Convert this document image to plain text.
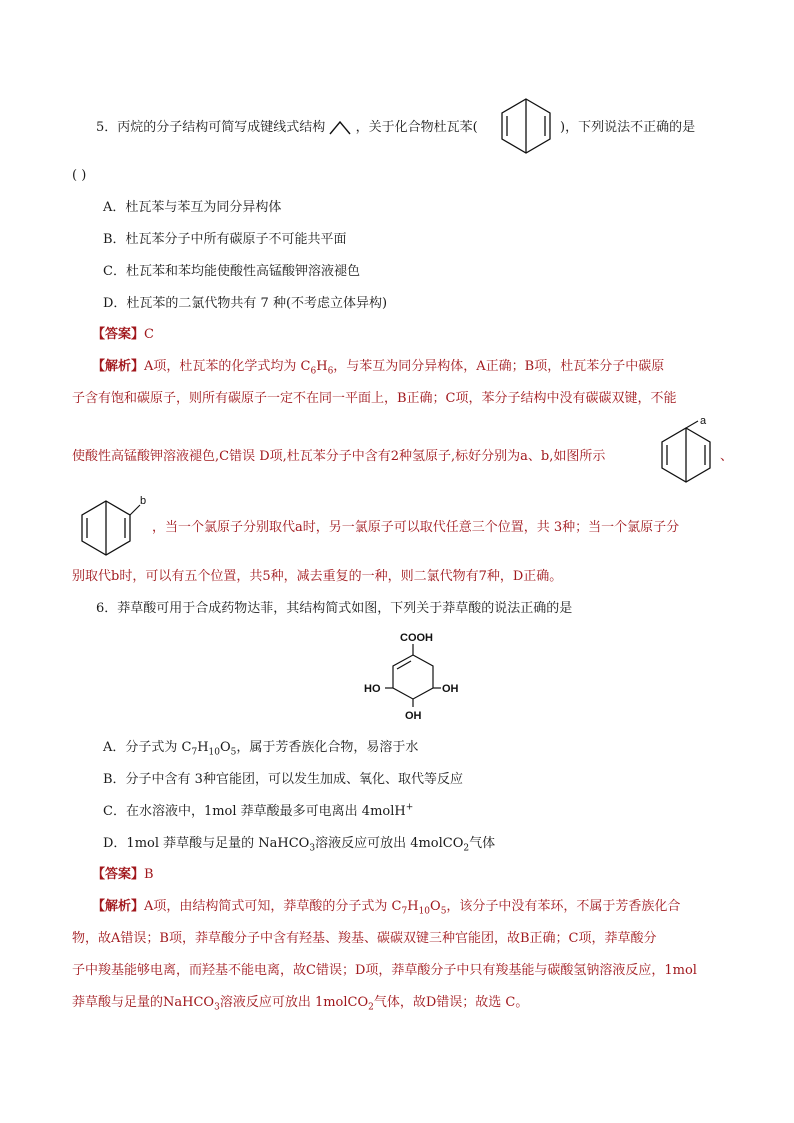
5．丙烷的分子结构可简写成键线式结构 ，关于化合物杜瓦苯(	)，下列说法不正确的是
( )
A．杜瓦苯与苯互为同分异构体
B．杜瓦苯分子中所有碳原子不可能共平面
C．杜瓦苯和苯均能使酸性高锰酸钾溶液褪色
D．杜瓦苯的二氯代物共有 7 种(不考虑立体异构)
【答案】C
【解析】A项，杜瓦苯的化学式均为 $C_6H_6$，与苯互为同分异构体，A正确；B项，杜瓦苯分子中碳原
子含有饱和碳原子，则所有碳原子一定不在同一平面上，B正确；C项，苯分子结构中没有碳碳双键，不能
使酸性高锰酸钾溶液褪色,C错误 D项,杜瓦苯分子中含有2种氢原子,标好分别为a、b,如图所示
a
、
b
，当一个氯原子分别取代a时，另一氯原子可以取代任意三个位置，共 3种；当一个氯原子分
别取代b时，可以有五个位置，共5种，减去重复的一种，则二氯代物有7种，D正确。
6．莽草酸可用于合成药物达菲，其结构简式如图，下列关于莽草酸的说法正确的是
COOH
HO	OH
OH
A．分子式为 $C_7H_{10}O_5$，属于芳香族化合物，易溶于水
B．分子中含有 3种官能团，可以发生加成、氧化、取代等反应
C．在水溶液中，1mol 莽草酸最多可电离出 4molH+
D．1mol 莽草酸与足量的 NaHCO$_3$溶液反应可放出 4molCO$_2$气体
【答案】B
【解析】A项，由结构简式可知，莽草酸的分子式为 $C_7H_{10}O_5$，该分子中没有苯环，不属于芳香族化合
物，故A错误；B项，莽草酸分子中含有羟基、羧基、碳碳双键三种官能团，故B正确；C项，莽草酸分
子中羧基能够电离，而羟基不能电离，故C错误；D项，莽草酸分子中只有羧基能与碳酸氢钠溶液反应，1mol
莽草酸与足量的NaHCO$_3$溶液反应可放出 1molCO$_2$气体，故D错误；故选 C。
